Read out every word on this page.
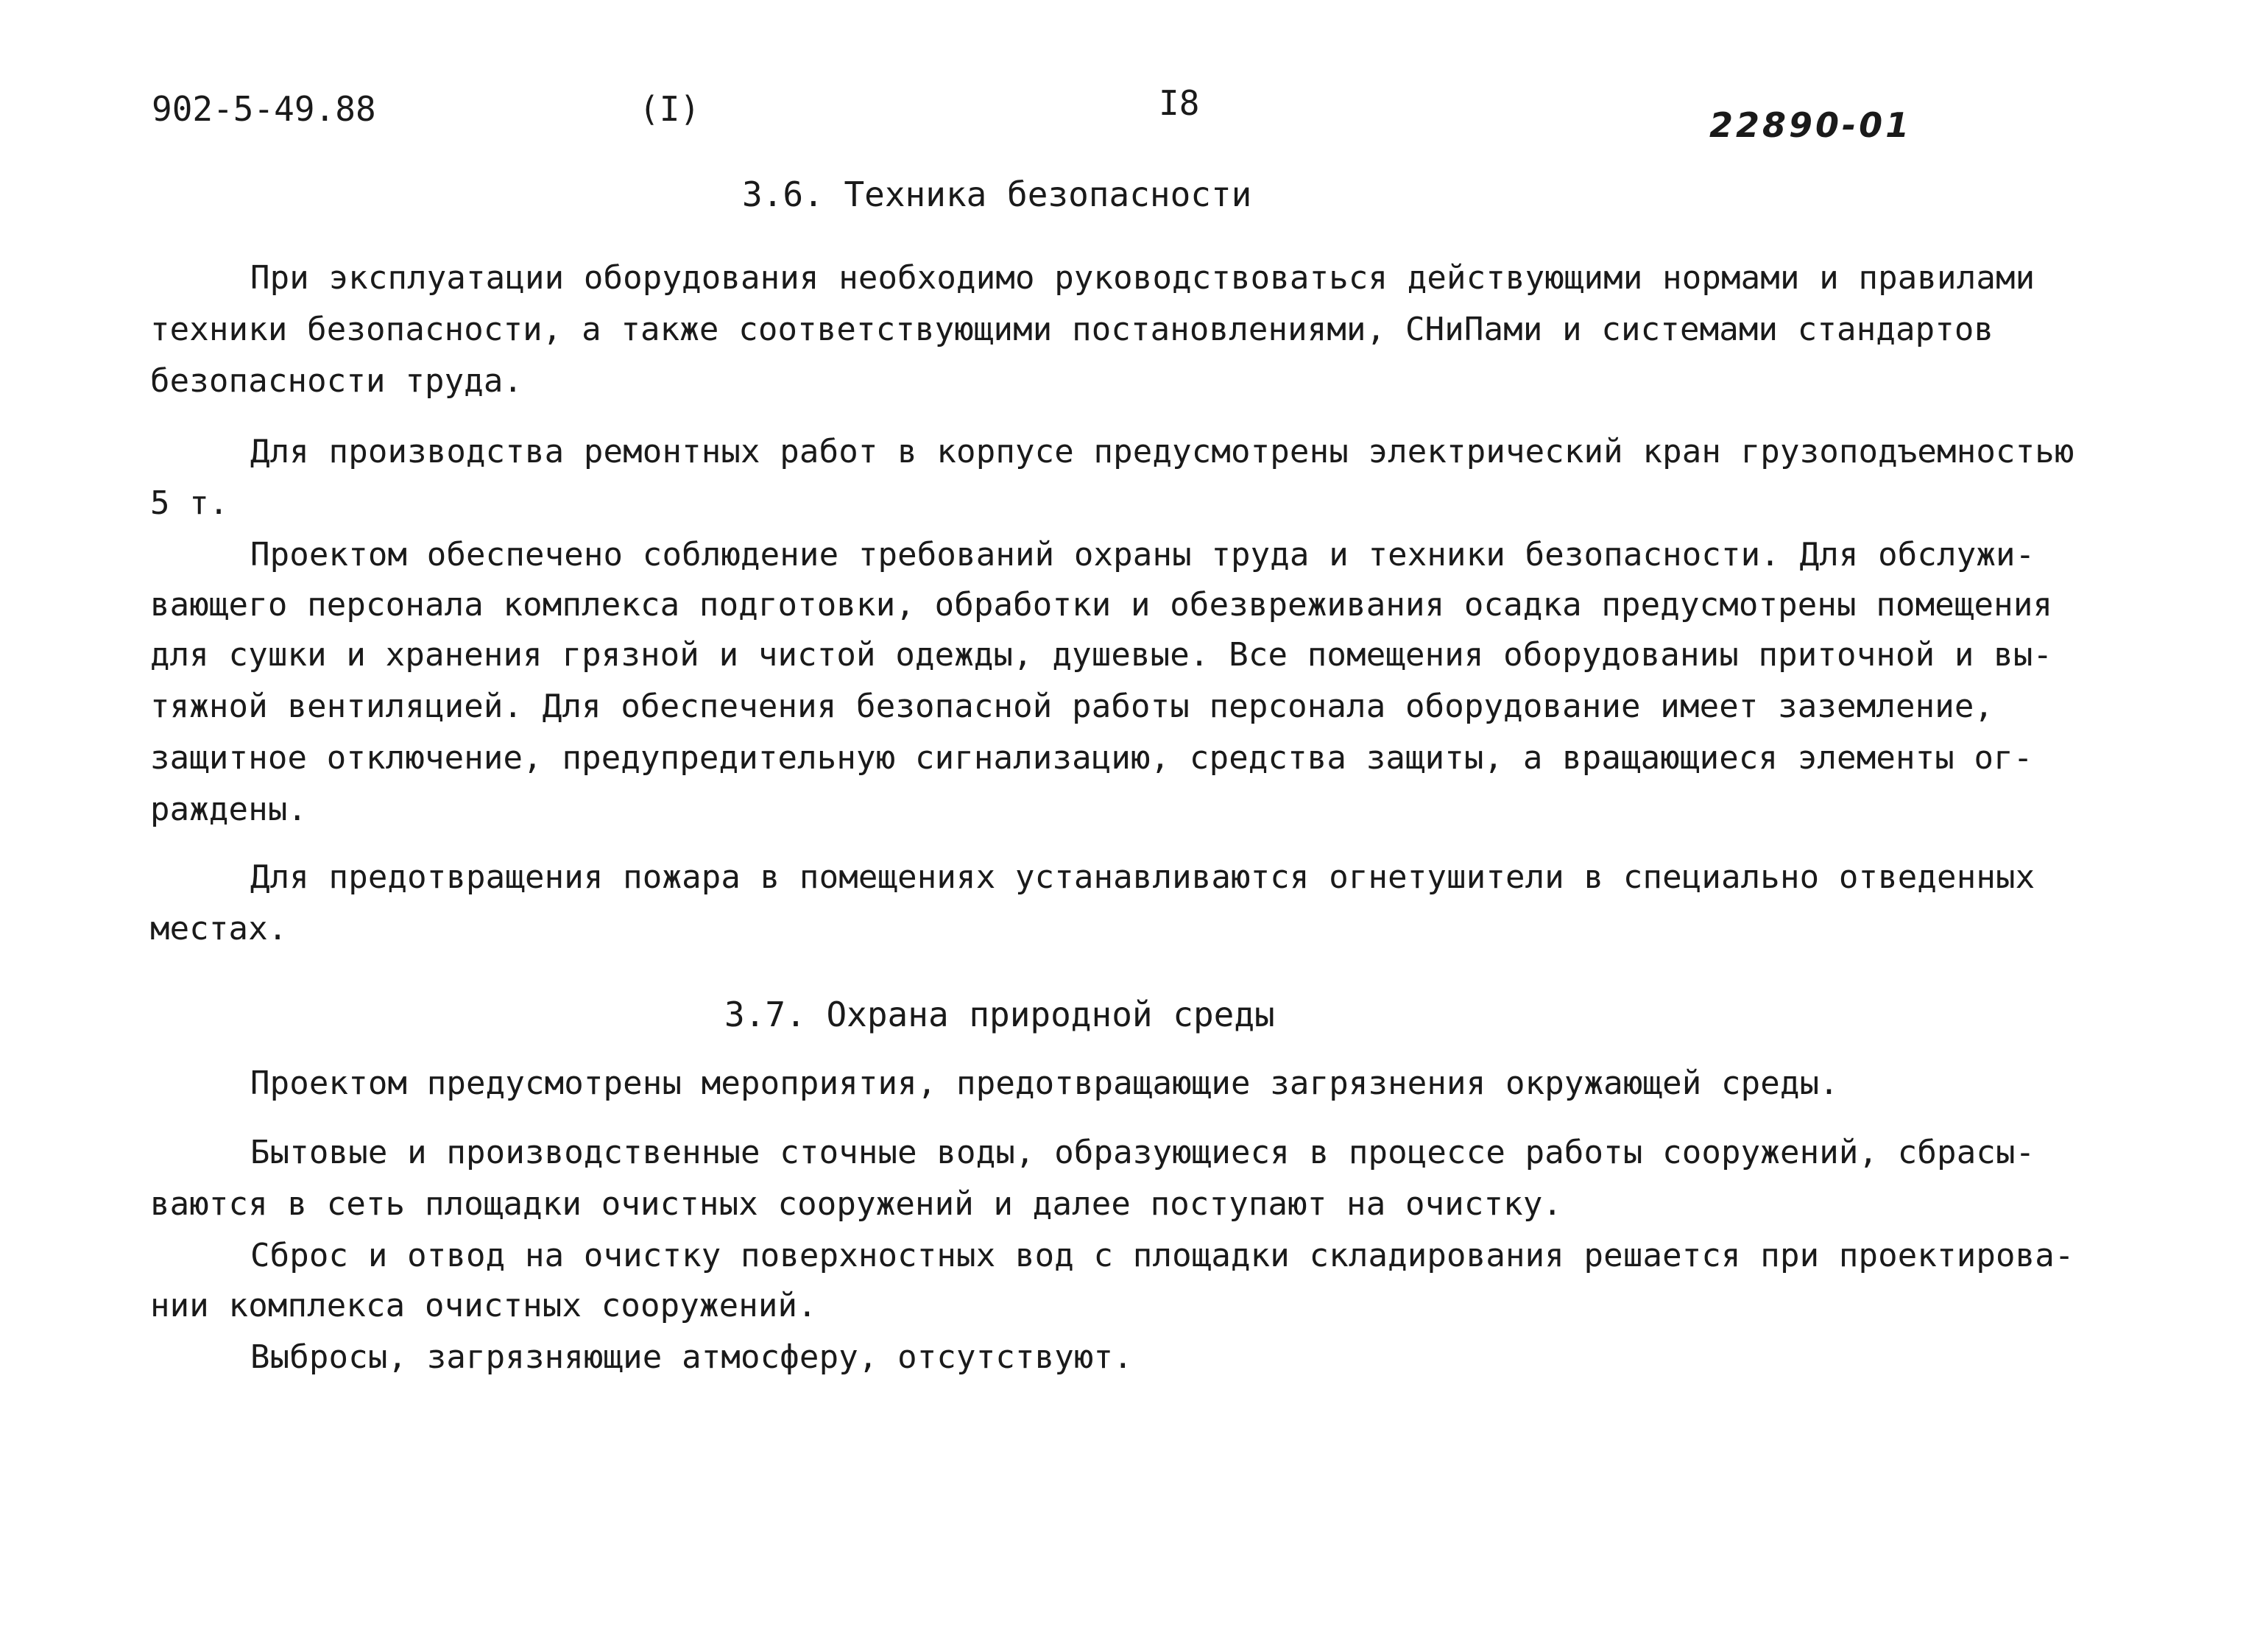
902-5-49.88	(I)	I8
22890-01
3.6. Техника безопасности
При эксплуатации оборудования необходимо руководствоваться действующими нормами и правилами
техники безопасности, а также соответствующими постановлениями, СНиПами и системами стандартов
безопасности труда.
Для производства ремонтных работ в корпусе предусмотрены электрический кран грузоподъемностью
5 т.
Проектом обеспечено соблюдение требований охраны труда и техники безопасности. Для обслужи-
вающего персонала комплекса подготовки, обработки и обезвреживания осадка предусмотрены помещения
для сушки и хранения грязной и чистой одежды, душевые. Все помещения оборудованиы приточной и вы-
тяжной вентиляцией. Для обеспечения безопасной работы персонала оборудование имеет заземление,
защитное отключение, предупредительную сигнализацию, средства защиты, а вращающиеся элементы ог-
раждены.
Для предотвращения пожара в помещениях устанавливаются огнетушители в специально отведенных
местах.
3.7. Охрана природной среды
Проектом предусмотрены мероприятия, предотвращающие загрязнения окружающей среды.
Бытовые и производственные сточные воды, образующиеся в процессе работы сооружений, сбрасы-
ваются в сеть площадки очистных сооружений и далее поступают на очистку.
Сброс и отвод на очистку поверхностных вод с площадки складирования решается при проектирова-
нии комплекса очистных сооружений.
Выбросы, загрязняющие атмосферу, отсутствуют.
